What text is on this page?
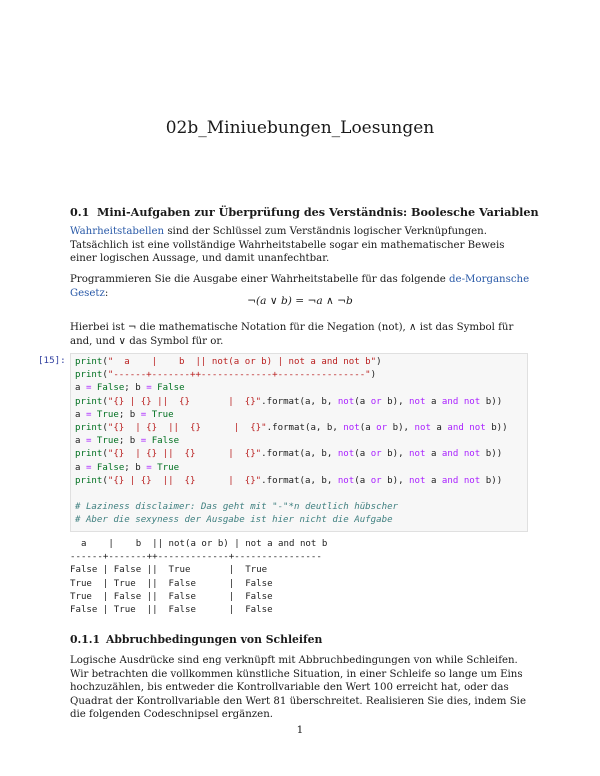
02b_Miniuebungen_Loesungen
0.1 Mini-Aufgaben zur Überprüfung des Verständnis: Boolesche Variablen

Wahrheitstabellen sind der Schlüssel zum Verständnis logischer Verknüpfungen. Tatsächlich ist eine vollständige Wahrheitstabelle sogar ein mathematischer Beweis einer logischen Aussage, und damit unanfechtbar.

Programmieren Sie die Ausgabe einer Wahrheitstabelle für das folgende de-Morgansche Gesetz:

¬(a ∨ b) = ¬a ∧ ¬b

Hierbei ist ¬ die mathematische Notation für die Negation (not), ∧ ist das Symbol für and, und ∨ das Symbol für or.

[15]: print("  a    |    b  || not(a or b) | not a and not b")
print("------+-------++-------------+----------------")
a = False; b = False
print("{} | {} ||  {}       |  {}".format(a, b, not(a or b), not a and not b))
a = True; b = True
print("{}  | {}  ||  {}      |  {}".format(a, b, not(a or b), not a and not b))
a = True; b = False
print("{}  | {} ||  {}      |  {}".format(a, b, not(a or b), not a and not b))
a = False; b = True
print("{} | {}  ||  {}      |  {}".format(a, b, not(a or b), not a and not b))

# Laziness disclaimer: Das geht mit "-"*n deutlich hübscher
# Aber die sexyness der Ausgabe ist hier nicht die Aufgabe
a    |    b  || not(a or b) | not a and not b
------+-------++-------------+----------------
False | False ||  True       |  True
True  | True  ||  False      |  False
True  | False ||  False      |  False
False | True  ||  False      |  False
0.1.1 Abbruchbedingungen von Schleifen

Logische Ausdrücke sind eng verknüpft mit Abbruchbedingungen von while Schleifen. Wir betrachten die vollkommen künstliche Situation, in einer Schleife so lange um Eins hochzuzählen, bis entweder die Kontrollvariable den Wert 100 erreicht hat, oder das Quadrat der Kontrollvariable den Wert 81 überschreitet. Realisieren Sie dies, indem Sie die folgenden Codeschnipsel ergänzen.

1
